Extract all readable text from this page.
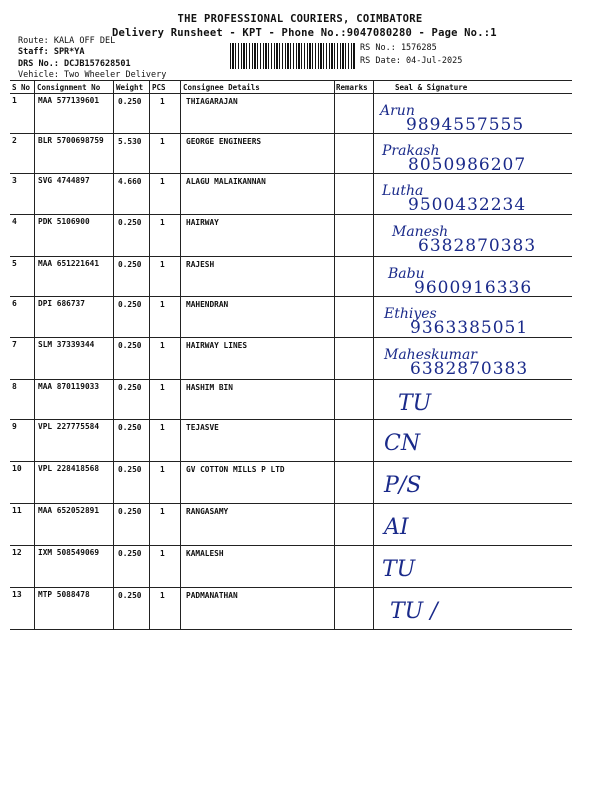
THE PROFESSIONAL COURIERS, COIMBATORE
Delivery Runsheet - KPT - Phone No.:9047080280 - Page No.:1
Route: KALA OFF DEL
Staff: SPR*YA
DRS No.: DCJB157628501
Vehicle: Two Wheeler Delivery
RS No.: 1576285
RS Date: 04-Jul-2025
S No Consignment No Weight PCS Consignee Details	Remarks	Seal & Signature
1	MAA 577139601 0.250 1	THIAGARAJAN
Arun
9894557555
2	BLR 5700698759 5.530 1	GEORGE ENGINEERS
Prakash
8050986207
3	SVG 4744897	4.660 1	ALAGU MALAIKANNAN
Lutha
9500432234
4	PDK 5106900	0.250 1	HAIRWAY
Manesh
6382870383
5	MAA 651221641 0.250 1	RAJESH
Babu
9600916336
6	DPI 686737	0.250 1	MAHENDRAN
Ethiyes
9363385051
7	SLM 37339344	0.250 1	HAIRWAY LINES
Maheskumar
6382870383
8	MAA 870119033 0.250 1	HASHIM BIN
TU
9	VPL 227775584 0.250 1	TEJASVE
CN
10 VPL 228418568 0.250 1	GV COTTON MILLS P LTD
P/S
11 MAA 652052891 0.250 1	RANGASAMY
AI
12 IXM 508549069 0.250 1	KAMALESH
TU
13 MTP 5088478	0.250 1	PADMANATHAN
TU /
